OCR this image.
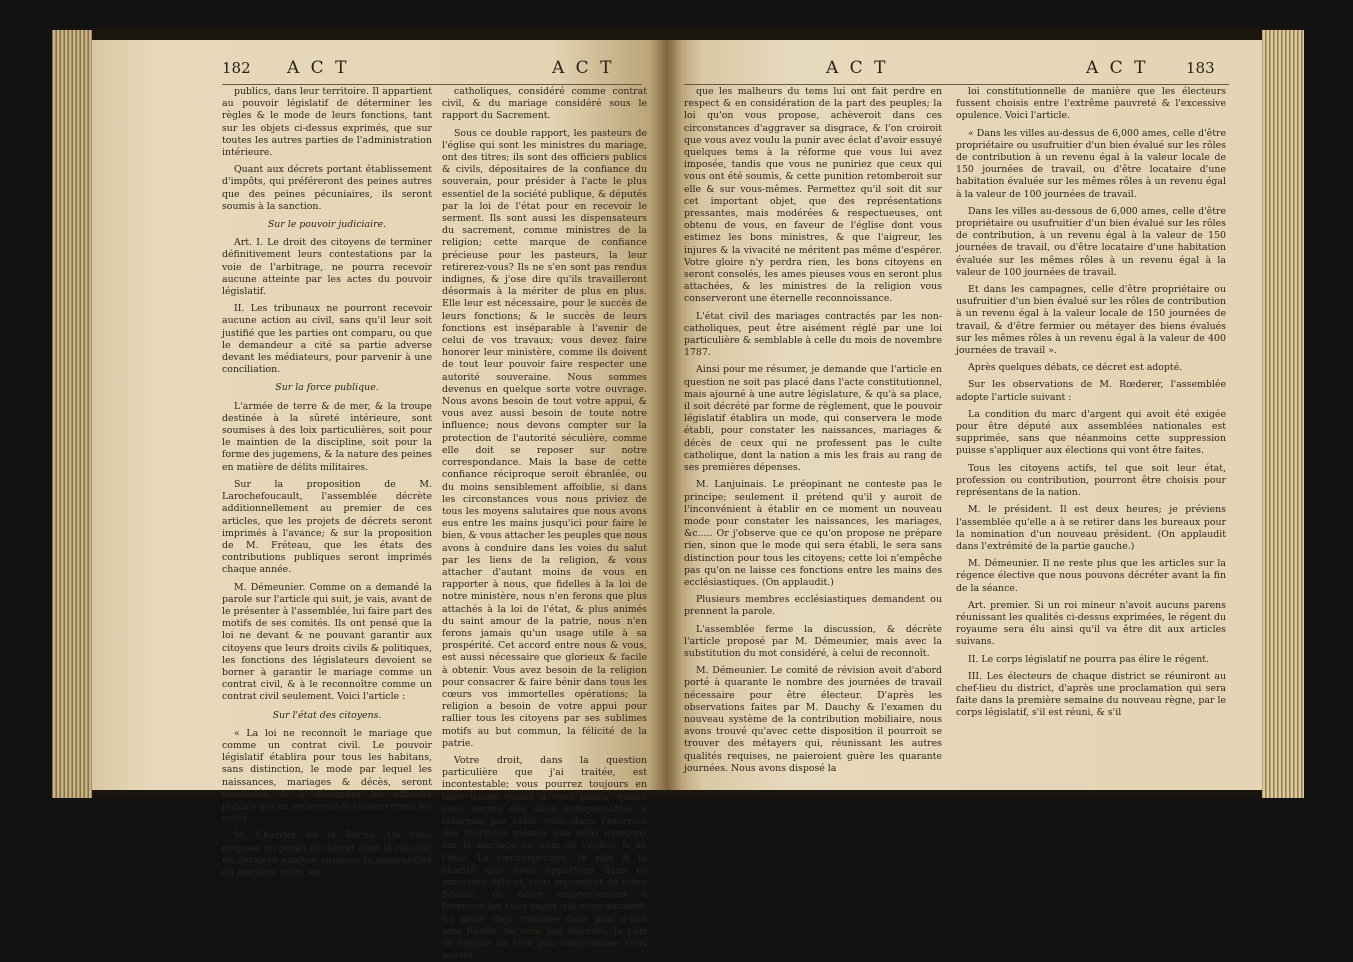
182 A C T	A C T

publics, dans leur territoire. Il appartient au pouvoir législatif de déterminer les règles & le mode de leurs fonctions, tant sur les objets ci-dessus exprimés, que sur toutes les autres parties de l'administration intérieure.

Quant aux décrets portant établissement d'impôts, qui préféreront des peines autres que des peines pécuniaires, ils seront soumis à la sanction.

Sur le pouvoir judiciaire.

Art. I. Le droit des citoyens de terminer définitivement leurs contestations par la voie de l'arbitrage, ne pourra recevoir aucune atteinte par les actes du pouvoir législatif.

II. Les tribunaux ne pourront recevoir aucune action au civil, sans qu'il leur soit justifié que les parties ont comparu, ou que le demandeur a cité sa partie adverse devant les médiateurs, pour parvenir à une conciliation.

Sur la force publique.

L'armée de terre & de mer, & la troupe destinée à la sûreté intérieure, sont soumises à des loix particulières, soit pour le maintien de la discipline, soit pour la forme des jugemens, & la nature des peines en matière de délits militaires.

Sur la proposition de M. Larochefoucault, l'assemblée décrète additionnellement au premier de ces articles, que les projets de décrets seront imprimés à l'avance; & sur la proposition de M. Fréteau, que les états des contributions publiques seront imprimés chaque année.

M. Démeunier. Comme on a demandé la parole sur l'article qui suit, je vais, avant de le présenter à l'assemblée, lui faire part des motifs de ses comités. Ils ont pensé que la loi ne devant & ne pouvant garantir aux citoyens que leurs droits civils & politiques, les fonctions des législateurs devoient se borner à garantir le mariage comme un contrat civil, & à le reconnoître comme un contrat civil seulement. Voici l'article :

Sur l'état des citoyens.

« La loi ne reconnoît le mariage que comme un contrat civil. Le pouvoir législatif établira pour tous les habitans, sans distinction, le mode par lequel les naissances, mariages & décès, seront constatés; & il désignera les officiers publics qui en recevront & conserveront les actes.

M. Charrier de la Roche. On vous propose un projet de décret dont le résultat en dernière analyse suppose la séparabilité du mariage entre les

catholiques, considéré comme contrat civil, & du mariage considéré sous le rapport du Sacrement.

Sous ce double rapport, les pasteurs de l'église qui sont les ministres du mariage, ont des titres; ils sont des officiers publics & civils, dépositaires de la confiance du souverain, pour présider à l'acte le plus essentiel de la société publique, & députés par la loi de l'état pour en recevoir le serment. Ils sont aussi les dispensateurs du sacrement, comme ministres de la religion; cette marque de confiance précieuse pour les pasteurs, la leur retirerez-vous? Ils ne s'en sont pas rendus indignes, & j'ose dire qu'ils travailleront désormais à la mériter de plus en plus. Elle leur est nécessaire, pour le succès de leurs fonctions; & le succès de leurs fonctions est inséparable à l'avenir de celui de vos travaux; vous devez faire honorer leur ministère, comme ils doivent de tout leur pouvoir faire respecter une autorité souveraine. Nous sommes devenus en quelque sorte votre ouvrage. Nous avons besoin de tout votre appui, & vous avez aussi besoin de toute notre influence; nous devons compter sur la protection de l'autorité séculière, comme elle doit se reposer sur notre correspondance. Mais la base de cette confiance réciproque seroit ébranlée, ou du moins sensiblement affoiblie, si dans les circonstances vous nous priviez de tous les moyens salutaires que nous avons eus entre les mains jusqu'ici pour faire le bien, & vous attacher les peuples que nous avons à conduire dans les voies du salut par les liens de la religion, & vous attacher d'autant moins de vous en rapporter à nous, que fidelles à la loi de notre ministère, nous n'en ferons que plus attachés à la loi de l'état, & plus animés du saint amour de la patrie, nous n'en ferons jamais qu'un usage utile à sa prospérité. Cet accord entre nous & vous, est aussi nécessaire que glorieux & facile à obtenir. Vous avez besoin de la religion pour consacrer & faire bénir dans tous les cœurs vos immortelles opérations; la religion a besoin de votre appui pour rallier tous les citoyens par ses sublimes motifs au but commun, la félicité de la patrie.

Votre droit, dans la question particulière que j'ai traitée, est incontestable; vous pourrez toujours en faire usage quand il vous plaira; quand vous verrez des abus indispensables à réformer par cette voie, dans l'exercice des fonctions mêmes que nous exerçons sur le mariage au nom de l'église & de l'état. La circonspection, le zèle & la charité que nous apportons dans ce ministère délicat, vous répondent de notre fidélité, de notre empressement à favoriser les vues sages qui vous animent. La piété, déjà troublée dans plus d'une ame fidelle, ne sera pas alarmée, la paix de l'église ne sera pas compromise; vous saurez

A C T	A C T	183

que les malheurs du tems lui ont fait perdre en respect & en considération de la part des peuples; la loi qu'on vous propose, achèveroit dans ces circonstances d'aggraver sa disgrace, & l'on croiroit que vous avez voulu la punir avec éclat d'avoir essuyé quelques tems à la réforme que vous lui avez imposée, tandis que vous ne puniriez que ceux qui vous ont été soumis, & cette punition retomberoit sur elle & sur vous-mêmes. Permettez qu'il soit dit sur cet important objet, que des représentations pressantes, mais modérées & respectueuses, ont obtenu de vous, en faveur de l'église dont vous estimez les bons ministres, & que l'aigreur, les injures & la vivacité ne méritent pas même d'espérer. Votre gloire n'y perdra rien, les bons citoyens en seront consolés, les ames pieuses vous en seront plus attachées, & les ministres de la religion vous conserveront une éternelle reconnoissance.

L'état civil des mariages contractés par les non-catholiques, peut être aisément réglé par une loi particulière & semblable à celle du mois de novembre 1787.

Ainsi pour me résumer, je demande que l'article en question ne soit pas placé dans l'acte constitutionnel, mais ajourné à une autre législature, & qu'à sa place, il soit décrété par forme de règlement, que le pouvoir législatif établira un mode, qui conservera le mode établi, pour constater les naissances, mariages & décès de ceux qui ne professent pas le culte catholique, dont la nation a mis les frais au rang de ses premières dépenses.

M. Lanjuinais. Le préopinant ne conteste pas le principe; seulement il prétend qu'il y auroit de l'inconvénient à établir en ce moment un nouveau mode pour constater les naissances, les mariages, &c..... Or j'observe que ce qu'on propose ne prépare rien, sinon que le mode qui sera établi, le sera sans distinction pour tous les citoyens; cette loi n'empêche pas qu'on ne laisse ces fonctions entre les mains des ecclésiastiques. (On applaudit.)

Plusieurs membres ecclésiastiques demandent ou prennent la parole.

L'assemblée ferme la discussion, & décrète l'article proposé par M. Démeunier, mais avec la substitution du mot considéré, à celui de reconnoît.

M. Démeunier. Le comité de révision avoit d'abord porté à quarante le nombre des journées de travail nécessaire pour être électeur. D'après les observations faites par M. Dauchy & l'examen du nouveau système de la contribution mobiliaire, nous avons trouvé qu'avec cette disposition il pourroit se trouver des métayers qui, réunissant les autres qualités requises, ne paieroient guère les quarante journées. Nous avons disposé la

loi constitutionnelle de manière que les électeurs fussent choisis entre l'extrême pauvreté & l'excessive opulence. Voici l'article.

« Dans les villes au-dessus de 6,000 ames, celle d'être propriétaire ou usufruitier d'un bien évalué sur les rôles de contribution à un revenu égal à la valeur locale de 150 journées de travail, ou d'être locataire d'une habitation évaluée sur les mêmes rôles à un revenu égal à la valeur de 100 journées de travail.

Dans les villes au-dessous de 6,000 ames, celle d'être propriétaire ou usufruitier d'un bien évalué sur les rôles de contribution, à un revenu égal à la valeur de 150 journées de travail, ou d'être locataire d'une habitation évaluée sur les mêmes rôles à un revenu égal à la valeur de 100 journées de travail.

Et dans les campagnes, celle d'être propriétaire ou usufruitier d'un bien évalué sur les rôles de contribution à un revenu égal à la valeur locale de 150 journées de travail, & d'être fermier ou métayer des biens évalués sur les mêmes rôles à un revenu égal à la valeur de 400 journées de travail ».

Après quelques débats, ce décret est adopté.

Sur les observations de M. Rœderer, l'assemblée adopte l'article suivant :

La condition du marc d'argent qui avoit été exigée pour être député aux assemblées nationales est supprimée, sans que néanmoins cette suppression puisse s'appliquer aux élections qui vont être faites.

Tous les citoyens actifs, tel que soit leur état, profession ou contribution, pourront être choisis pour représentans de la nation.

M. le président. Il est deux heures; je préviens l'assemblée qu'elle a à se retirer dans les bureaux pour la nomination d'un nouveau président. (On applaudit dans l'extrémité de la partie gauche.)

M. Démeunier. Il ne reste plus que les articles sur la régence élective que nous pouvons décréter avant la fin de la séance.

Art. premier. Si un roi mineur n'avoit aucuns parens réunissant les qualités ci-dessus exprimées, le régent du royaume sera élu ainsi qu'il va être dit aux articles suivans.

II. Le corps législatif ne pourra pas élire le régent.

III. Les électeurs de chaque district se réuniront au chef-lieu du district, d'après une proclamation qui sera faite dans la première semaine du nouveau règne, par le corps législatif, s'il est réuni, & s'il
